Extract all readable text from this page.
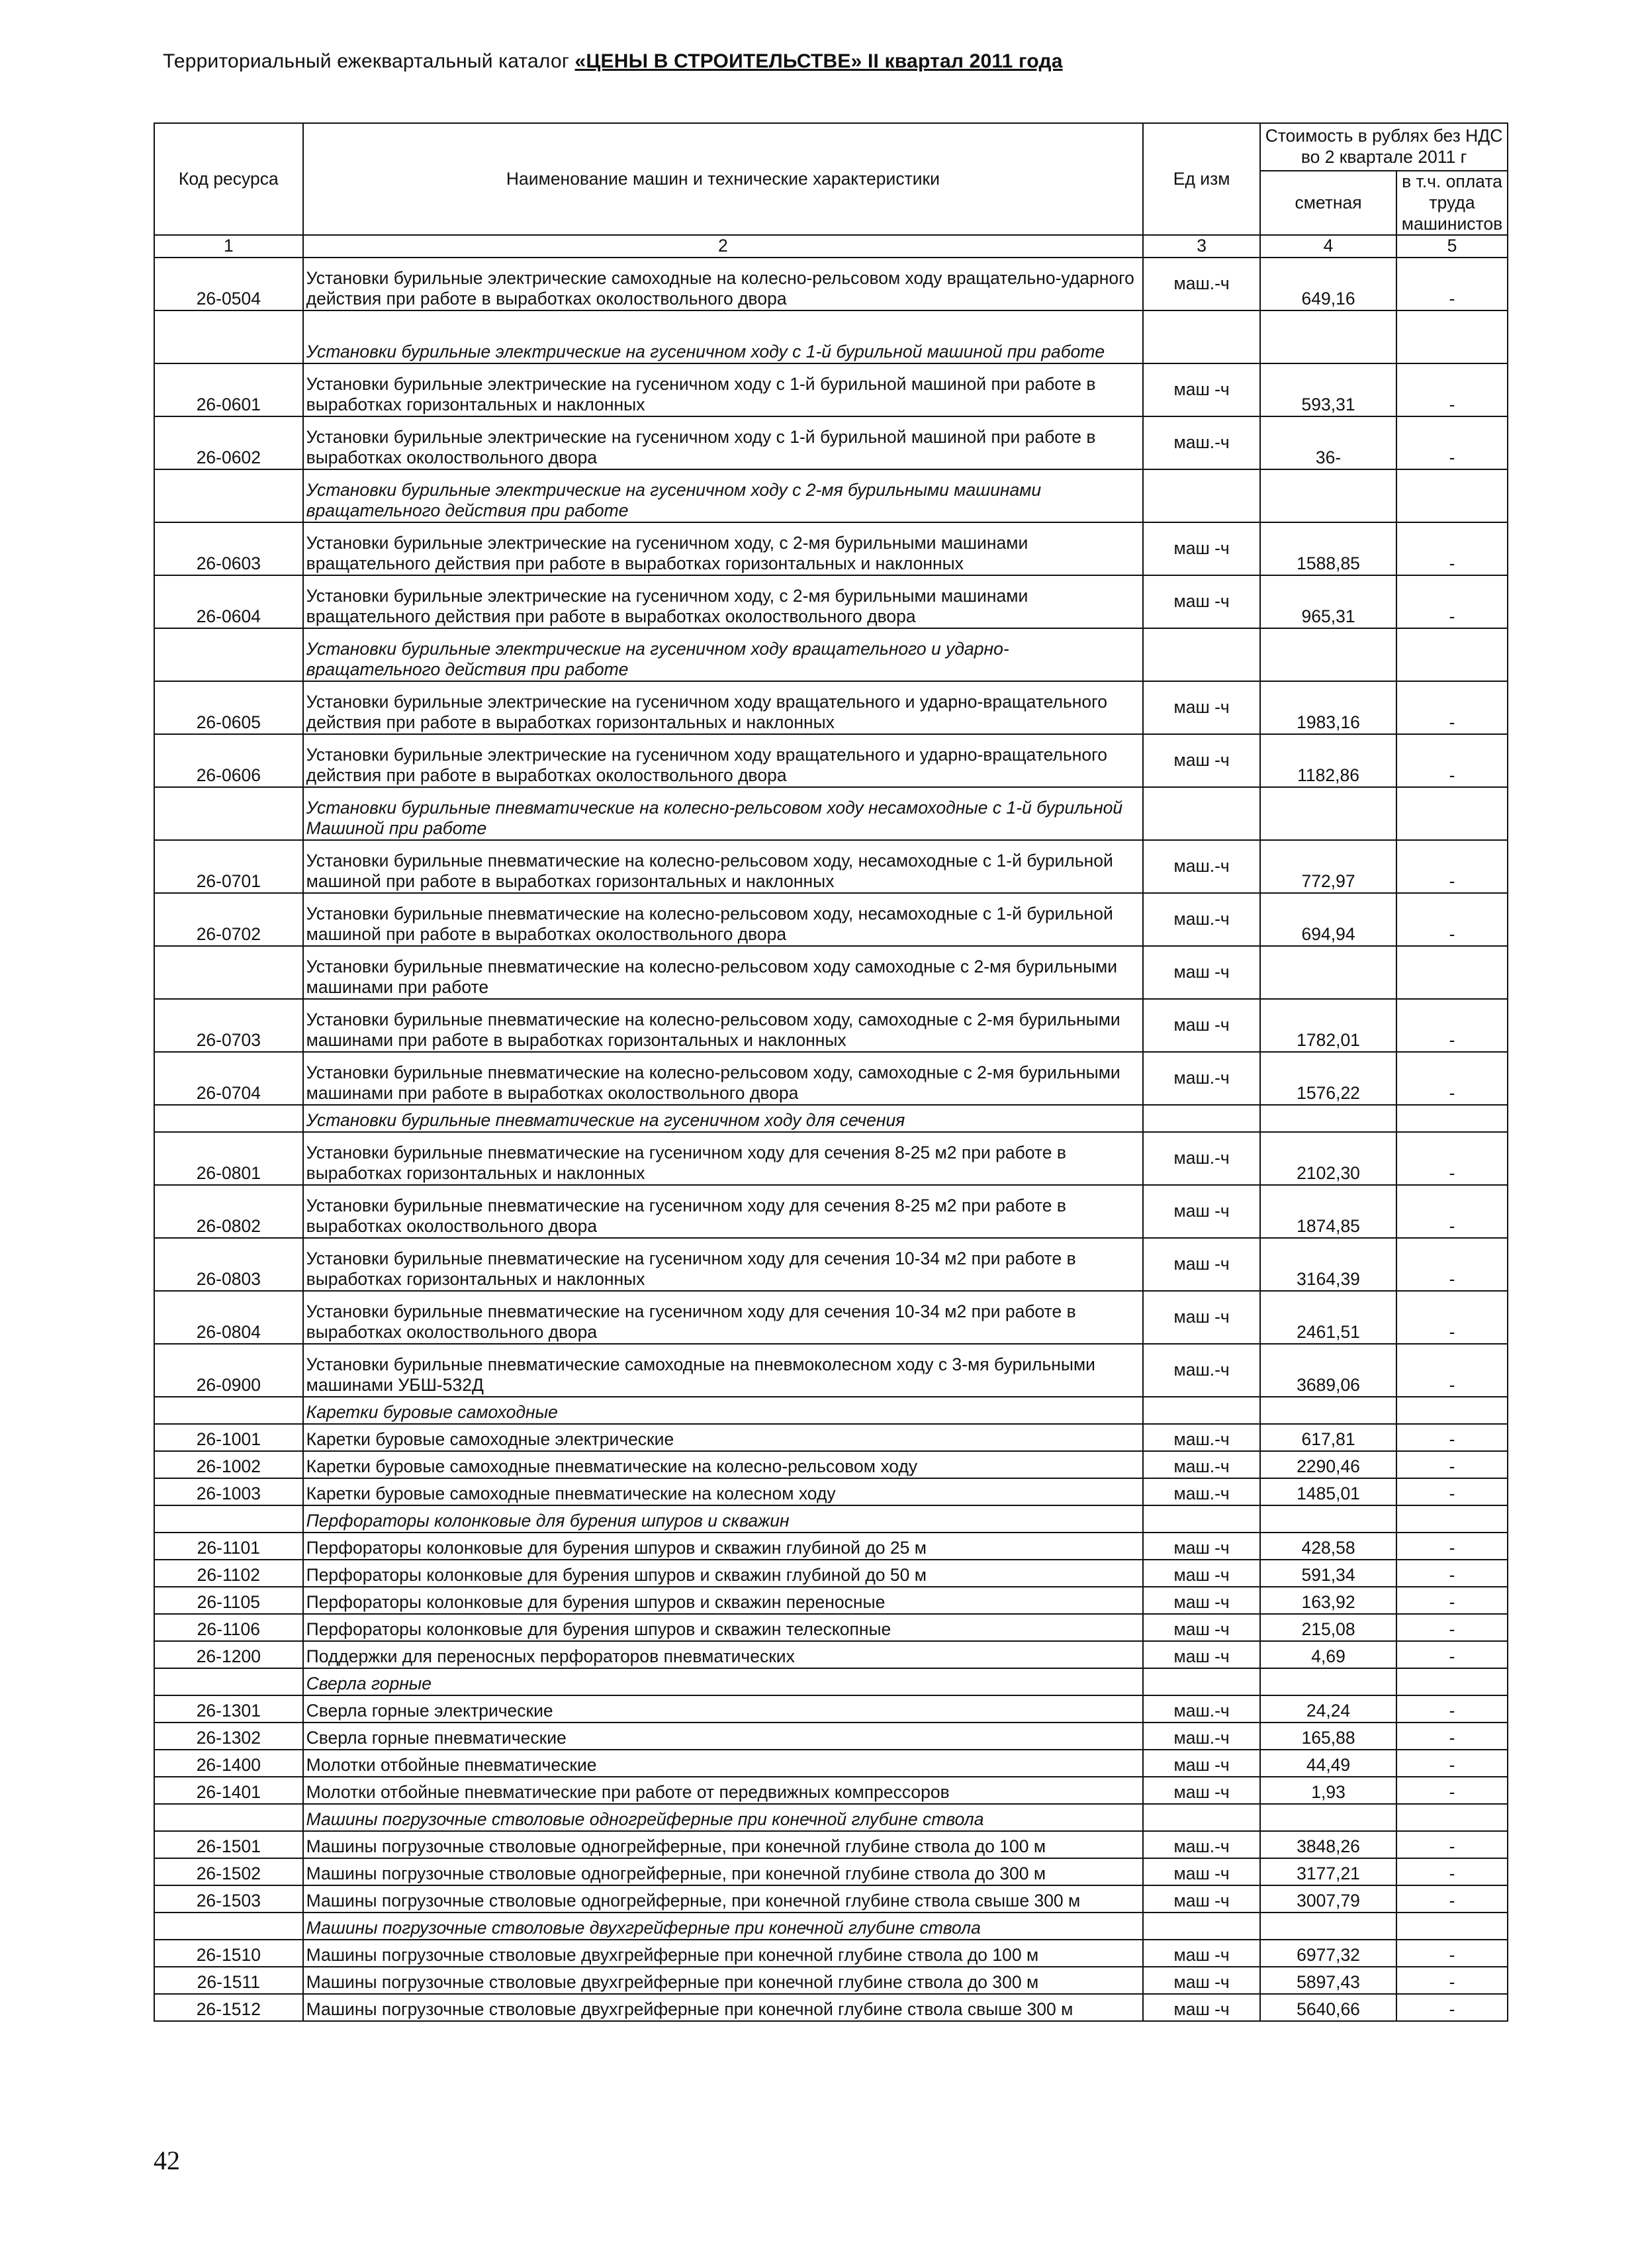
Территориальный ежеквартальный каталог «ЦЕНЫ В СТРОИТЕЛЬСТВЕ» II квартал 2011 года
Код ресурса	Наименование машин и технические характеристики	Ед изм	Стоимость в рублях без НДС во 2 квартале 2011 г	
			сметная	в т.ч. оплата труда машинистов
1	2	3	4	5
26-0504	Установки бурильные электрические самоходные на колесно-рельсовом ходу вращательно-ударного действия при работе в выработках околоствольного двора	маш.-ч	649,16	-
	Установки бурильные электрические на гусеничном ходу с 1-й бурильной машиной при работе			
26-0601	Установки бурильные электрические на гусеничном ходу с 1-й бурильной машиной при работе в выработках горизонтальных и наклонных	маш -ч	593,31	-
26-0602	Установки бурильные электрические на гусеничном ходу с 1-й бурильной машиной при работе в выработках околоствольного двора	маш.-ч	36-	-
	Установки бурильные электрические на гусеничном ходу с 2-мя бурильными машинами вращательного действия при работе			
26-0603	Установки бурильные электрические на гусеничном ходу, с 2-мя бурильными машинами вращательного действия при работе в выработках горизонтальных и наклонных	маш -ч	1588,85	-
26-0604	Установки бурильные электрические на гусеничном ходу, с 2-мя бурильными машинами вращательного действия при работе в выработках околоствольного двора	маш -ч	965,31	-
	Установки бурильные электрические на гусеничном ходу вращательного и ударно-вращательного действия при работе			
26-0605	Установки бурильные электрические на гусеничном ходу вращательного и ударно-вращательного действия при работе в выработках горизонтальных и наклонных	маш -ч	1983,16	-
26-0606	Установки бурильные электрические на гусеничном ходу вращательного и ударно-вращательного действия при работе в выработках околоствольного двора	маш -ч	1182,86	-
	Установки бурильные пневматические на колесно-рельсовом ходу несамоходные с 1-й бурильной Машиной при работе			
26-0701	Установки бурильные пневматические на колесно-рельсовом ходу, несамоходные с 1-й бурильной машиной при работе в выработках горизонтальных и наклонных	маш.-ч	772,97	-
26-0702	Установки бурильные пневматические на колесно-рельсовом ходу, несамоходные с 1-й бурильной машиной при работе в выработках околоствольного двора	маш.-ч	694,94	-
	Установки бурильные пневматические на колесно-рельсовом ходу самоходные с 2-мя бурильными машинами при работе	маш -ч		
26-0703	Установки бурильные пневматические на колесно-рельсовом ходу, самоходные с 2-мя бурильными машинами при работе в выработках горизонтальных и наклонных	маш -ч	1782,01	-
26-0704	Установки бурильные пневматические на колесно-рельсовом ходу, самоходные с 2-мя бурильными машинами при работе в выработках околоствольного двора	маш.-ч	1576,22	-
	Установки бурильные пневматические на гусеничном ходу для сечения			
26-0801	Установки бурильные пневматические на гусеничном ходу для сечения 8-25 м2 при работе в выработках горизонтальных и наклонных	маш.-ч	2102,30	-
26-0802	Установки бурильные пневматические на гусеничном ходу для сечения 8-25 м2 при работе в выработках околоствольного двора	маш -ч	1874,85	-
26-0803	Установки бурильные пневматические на гусеничном ходу для сечения 10-34 м2 при работе в выработках горизонтальных и наклонных	маш -ч	3164,39	-
26-0804	Установки бурильные пневматические на гусеничном ходу для сечения 10-34 м2 при работе в выработках околоствольного двора	маш -ч	2461,51	-
26-0900	Установки бурильные пневматические самоходные на пневмоколесном ходу с 3-мя бурильными машинами УБШ-532Д	маш.-ч	3689,06	-
	Каретки буровые самоходные			
26-1001	Каретки буровые самоходные электрические	маш.-ч	617,81	-
26-1002	Каретки буровые самоходные пневматические на колесно-рельсовом ходу	маш.-ч	2290,46	-
26-1003	Каретки буровые самоходные пневматические на колесном ходу	маш.-ч	1485,01	-
	Перфораторы колонковые для бурения шпуров и скважин			
26-1101	Перфораторы колонковые для бурения шпуров и скважин глубиной до 25 м	маш -ч	428,58	-
26-1102	Перфораторы колонковые для бурения шпуров и скважин глубиной до 50 м	маш -ч	591,34	-
26-1105	Перфораторы колонковые для бурения шпуров и скважин переносные	маш -ч	163,92	-
26-1106	Перфораторы колонковые для бурения шпуров и скважин телескопные	маш -ч	215,08	-
26-1200	Поддержки для переносных перфораторов пневматических	маш -ч	4,69	-
	Сверла горные			
26-1301	Сверла горные электрические	маш.-ч	24,24	-
26-1302	Сверла горные пневматические	маш.-ч	165,88	-
26-1400	Молотки отбойные пневматические	маш -ч	44,49	-
26-1401	Молотки отбойные пневматические при работе от передвижных компрессоров	маш -ч	1,93	-
	Машины погрузочные стволовые одногрейферные при конечной глубине ствола			
26-1501	Машины погрузочные стволовые одногрейферные, при конечной глубине ствола до 100 м	маш.-ч	3848,26	-
26-1502	Машины погрузочные стволовые одногрейферные, при конечной глубине ствола до 300 м	маш -ч	3177,21	-
26-1503	Машины погрузочные стволовые одногрейферные, при конечной глубине ствола свыше 300 м	маш -ч	3007,79	-
	Машины погрузочные стволовые двухгрейферные при конечной глубине ствола			
26-1510	Машины погрузочные стволовые двухгрейферные при конечной глубине ствола до 100 м	маш -ч	6977,32	-
26-1511	Машины погрузочные стволовые двухгрейферные при конечной глубине ствола до 300 м	маш -ч	5897,43	-
26-1512	Машины погрузочные стволовые двухгрейферные при конечной глубине ствола свыше 300 м	маш -ч	5640,66	-
42
